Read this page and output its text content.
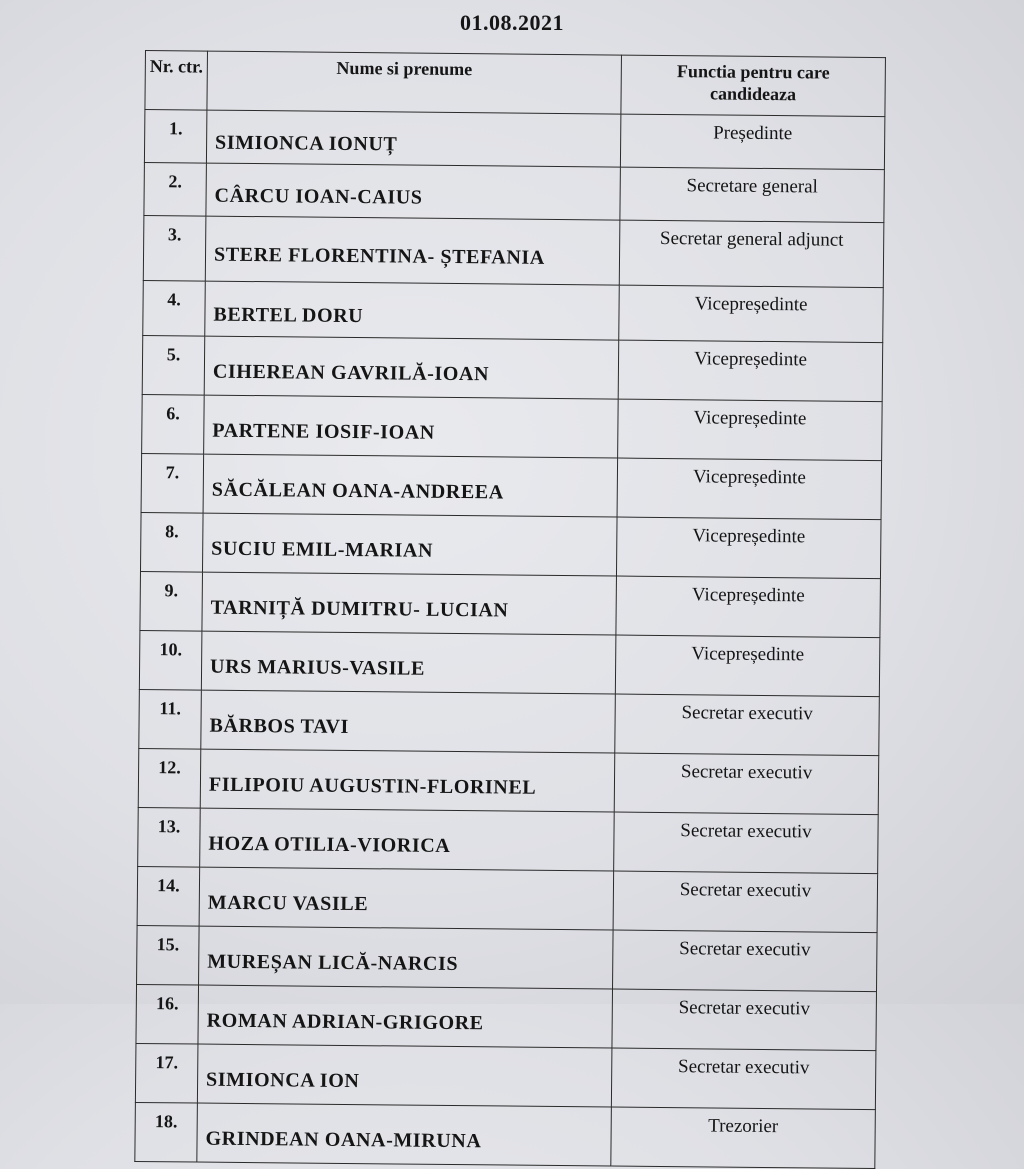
01.08.2021
Nr. ctr.	Nume si prenume	Functia pentru care candideaza
1.	SIMIONCA IONUȚ	Președinte
2.	CÂRCU IOAN-CAIUS	Secretare general
3.	STERE FLORENTINA- ȘTEFANIA	Secretar general adjunct
4.	BERTEL DORU	Vicepreședinte
5.	CIHEREAN GAVRILĂ-IOAN	Vicepreședinte
6.	PARTENE IOSIF-IOAN	Vicepreședinte
7.	SĂCĂLEAN OANA-ANDREEA	Vicepreședinte
8.	SUCIU EMIL-MARIAN	Vicepreședinte
9.	TARNIȚĂ DUMITRU- LUCIAN	Vicepreședinte
10.	URS MARIUS-VASILE	Vicepreședinte
11.	BĂRBOS TAVI	Secretar executiv
12.	FILIPOIU AUGUSTIN-FLORINEL	Secretar executiv
13.	HOZA OTILIA-VIORICA	Secretar executiv
14.	MARCU VASILE	Secretar executiv
15.	MUREȘAN LICĂ-NARCIS	Secretar executiv
16.	ROMAN ADRIAN-GRIGORE	Secretar executiv
17.	SIMIONCA ION	Secretar executiv
18.	GRINDEAN OANA-MIRUNA	Trezorier
